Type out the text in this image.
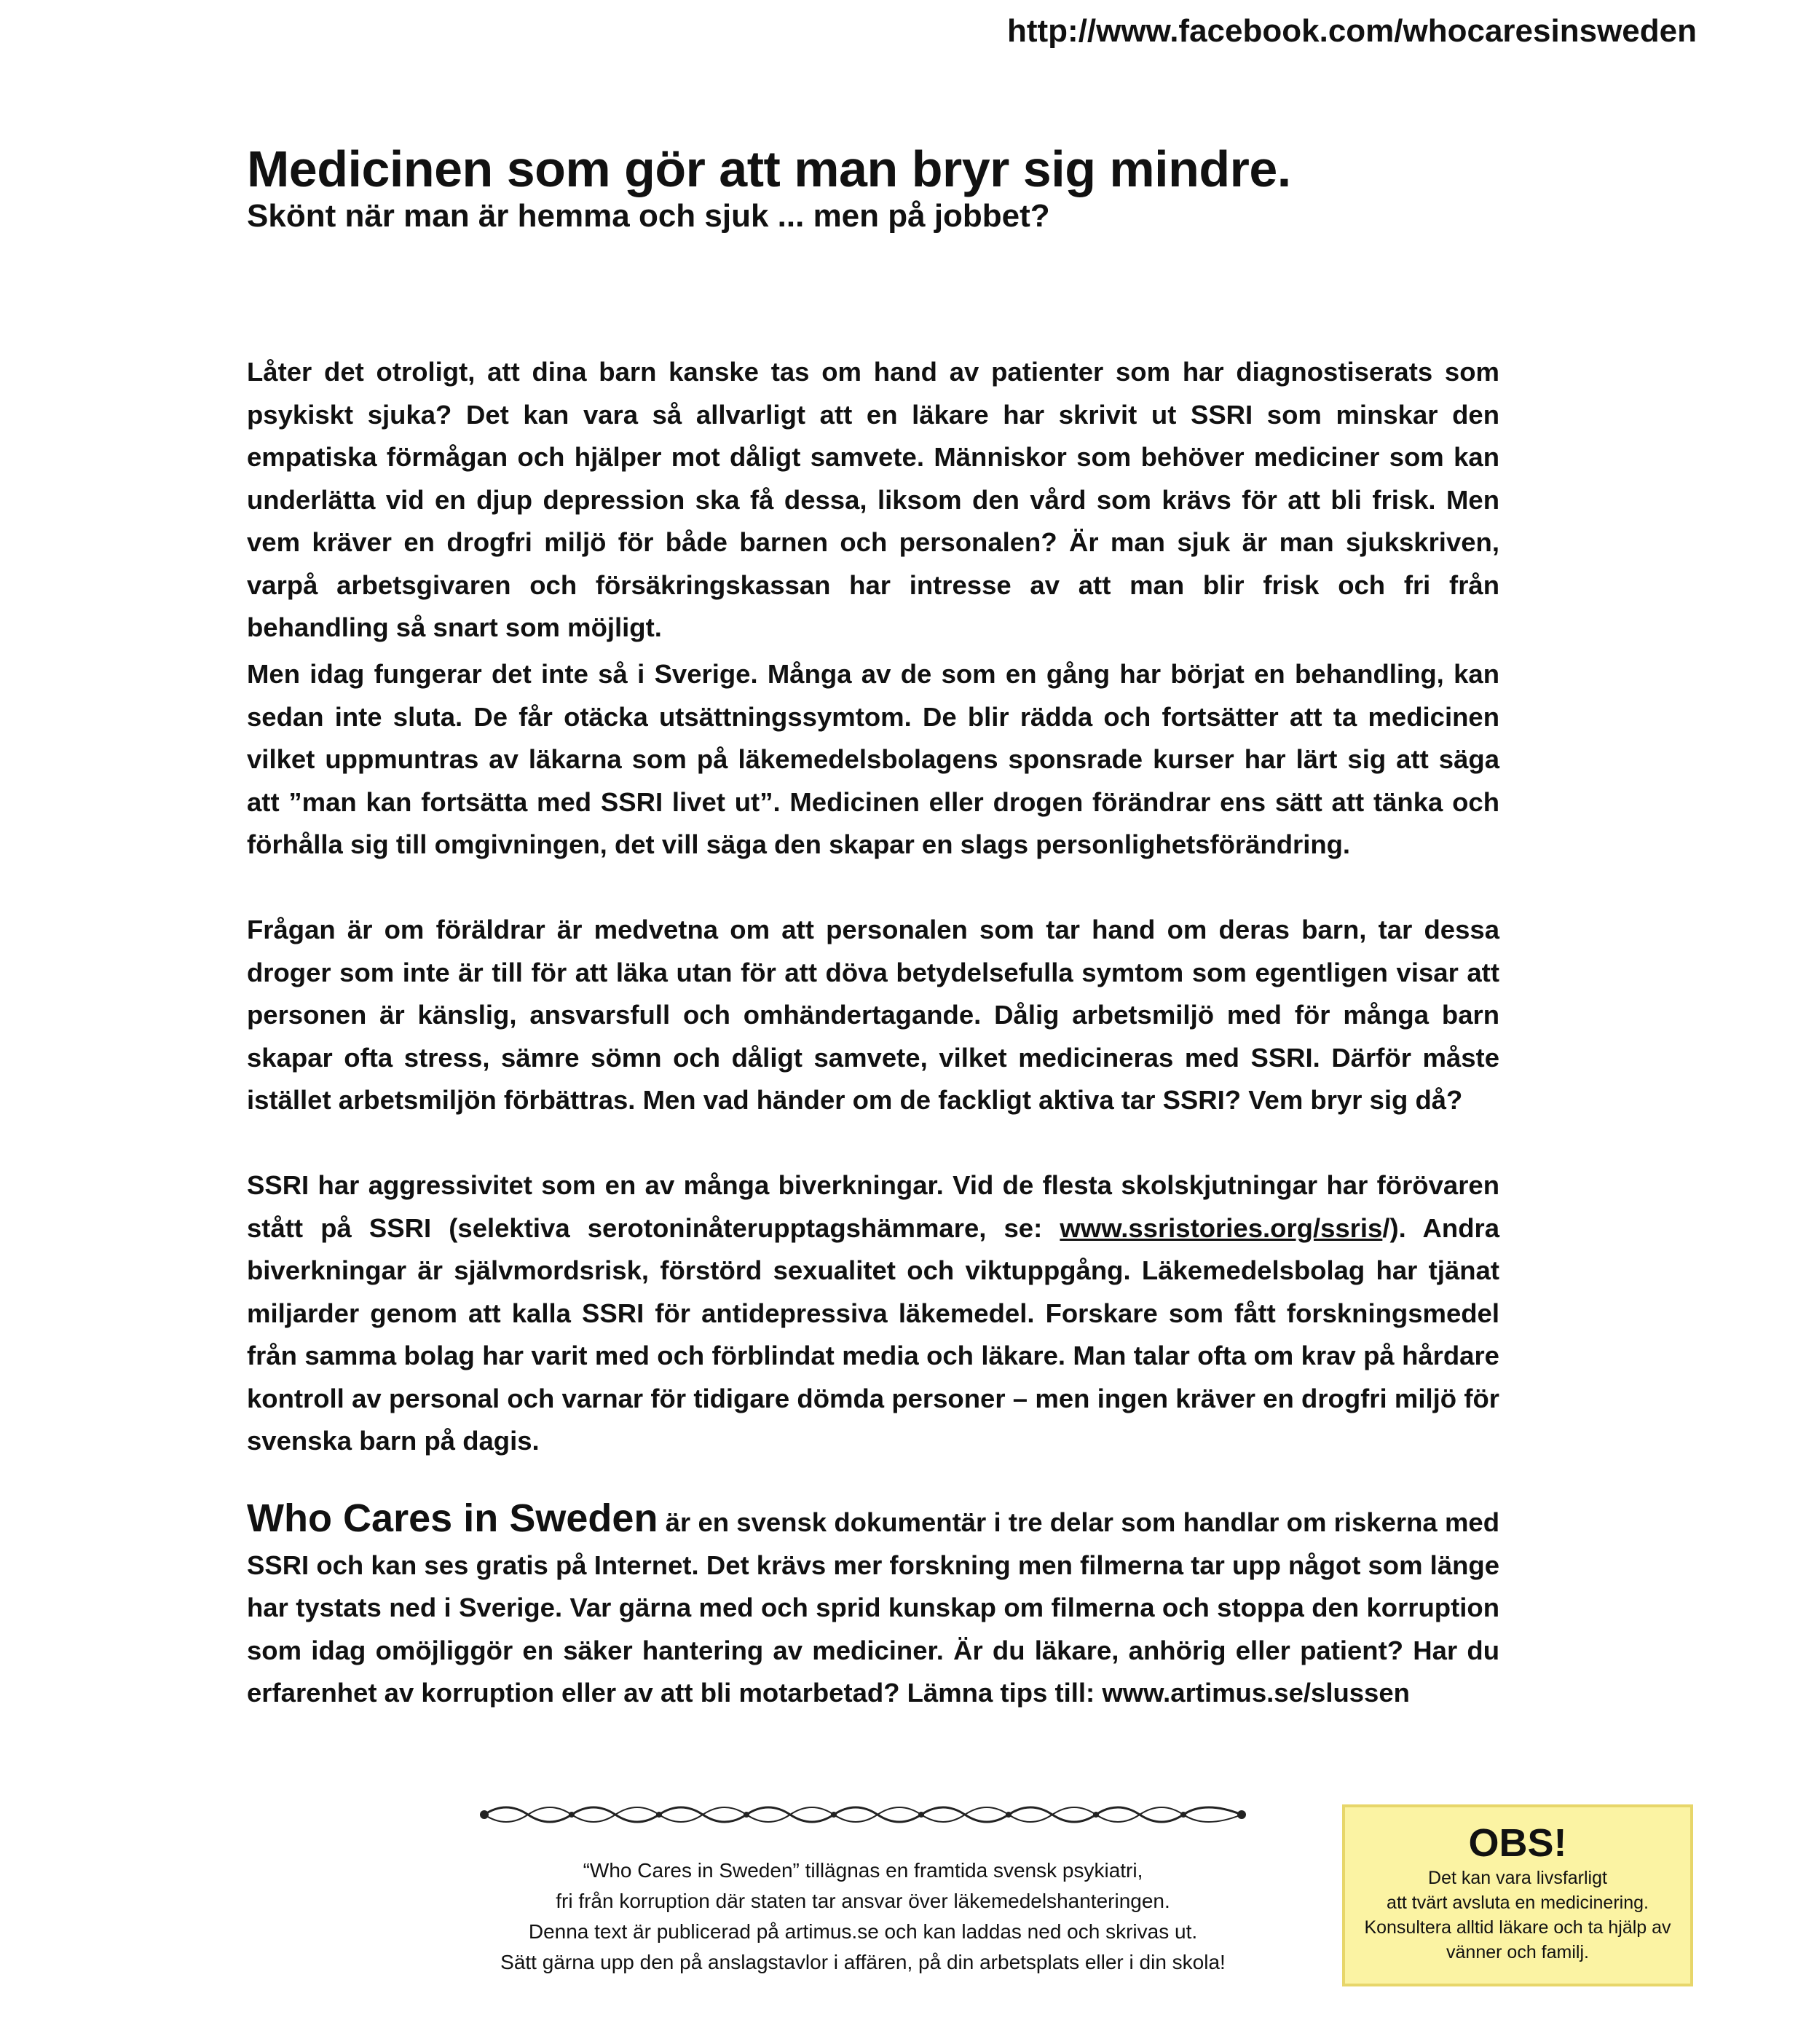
http://www.facebook.com/whocaresinsweden
Medicinen som gör att man bryr sig mindre.
Skönt när man är hemma och sjuk ... men på jobbet?

Låter det otroligt, att dina barn kanske tas om hand av patienter som har diagnostiserats som psykiskt sjuka? Det kan vara så allvarligt att en läkare har skrivit ut SSRI som minskar den empatiska förmågan och hjälper mot dåligt samvete. Människor som behöver mediciner som kan underlätta vid en djup depression ska få dessa, liksom den vård som krävs för att bli frisk. Men vem kräver en drogfri miljö för både barnen och personalen? Är man sjuk är man sjukskriven, varpå arbetsgivaren och försäkringskassan har intresse av att man blir frisk och fri från behandling så snart som möjligt.

Men idag fungerar det inte så i Sverige. Många av de som en gång har börjat en behandling, kan sedan inte sluta. De får otäcka utsättningssymtom. De blir rädda och fortsätter att ta medicinen vilket uppmuntras av läkarna som på läkemedelsbolagens sponsrade kurser har lärt sig att säga att ”man kan fortsätta med SSRI livet ut”. Medicinen eller drogen förändrar ens sätt att tänka och förhålla sig till omgivningen, det vill säga den skapar en slags personlighetsförändring.

Frågan är om föräldrar är medvetna om att personalen som tar hand om deras barn, tar dessa droger som inte är till för att läka utan för att döva betydelsefulla symtom som egentligen visar att personen är känslig, ansvarsfull och omhändertagande. Dålig arbetsmiljö med för många barn skapar ofta stress, sämre sömn och dåligt samvete, vilket medicineras med SSRI. Därför måste istället arbetsmiljön förbättras. Men vad händer om de fackligt aktiva tar SSRI? Vem bryr sig då?

SSRI har aggressivitet som en av många biverkningar. Vid de flesta skolskjutningar har förövaren stått på SSRI (selektiva serotoninåterupptagshämmare, se: www.ssristories.org/ssris/). Andra biverkningar är självmordsrisk, förstörd sexualitet och viktuppgång. Läkemedelsbolag har tjänat miljarder genom att kalla SSRI för antidepressiva läkemedel. Forskare som fått forskningsmedel från samma bolag har varit med och förblindat media och läkare. Man talar ofta om krav på hårdare kontroll av personal och varnar för tidigare dömda personer – men ingen kräver en drogfri miljö för svenska barn på dagis.

Who Cares in Sweden är en svensk dokumentär i tre delar som handlar om riskerna med SSRI och kan ses gratis på Internet. Det krävs mer forskning men filmerna tar upp något som länge har tystats ned i Sverige. Var gärna med och sprid kunskap om filmerna och stoppa den korruption som idag omöjliggör en säker hantering av mediciner. Är du läkare, anhörig eller patient? Har du erfarenhet av korruption eller av att bli motarbetad? Lämna tips till: www.artimus.se/slussen

“Who Cares in Sweden” tillägnas en framtida svensk psykiatri,
fri från korruption där staten tar ansvar över läkemedelshanteringen.
Denna text är publicerad på artimus.se och kan laddas ned och skrivas ut.
Sätt gärna upp den på anslagstavlor i affären, på din arbetsplats eller i din skola!
OBS!
Det kan vara livsfarligt
att tvärt avsluta en medicinering.
Konsultera alltid läkare och ta hjälp av
vänner och familj.
